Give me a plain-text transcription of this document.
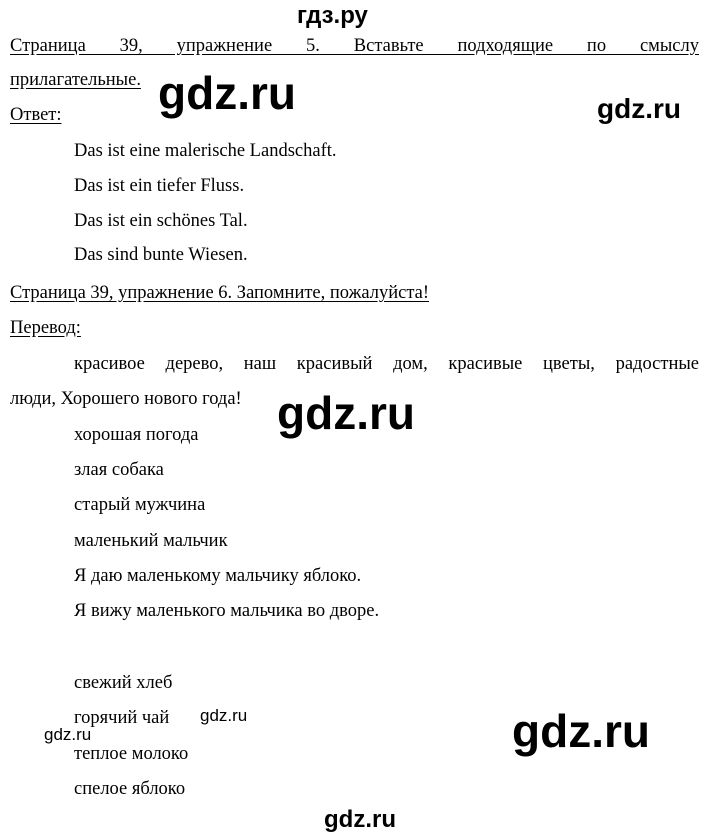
гдз.ру
gdz.ru	gdz.ru
gdz.ru
gdz.ru
gdz.ru	gdz.ru
gdz.ru
Страница 39, упражнение 5. Вставьте подходящие по смыслу
прилагательные.
Ответ:
Das ist eine malerische Landschaft.
Das ist ein tiefer Fluss.
Das ist ein schönes Tal.
Das sind bunte Wiesen.
Страница 39, упражнение 6. Запомните, пожалуйста!
Перевод:
красивое дерево, наш красивый дом, красивые цветы, радостные
люди, Хорошего нового года!
хорошая погода
злая собака
старый мужчина
маленький мальчик
Я даю маленькому мальчику яблоко.
Я вижу маленького мальчика во дворе.
свежий хлеб
горячий чай
теплое молоко
спелое яблоко
